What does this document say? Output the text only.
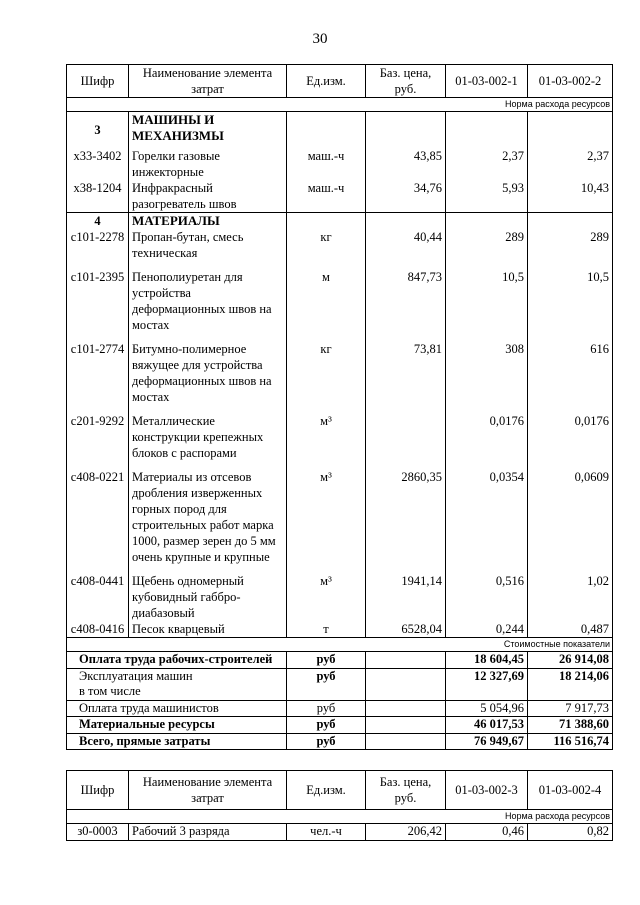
30
Шифр	Наименование элемента затрат	Ед.изм.	Баз. цена, руб.	01-03-002-1	01-03-002-2
Норма расхода ресурсов					
3	МАШИНЫ И МЕХАНИЗМЫ				
х33-3402	Горелки газовые инжекторные	маш.-ч	43,85	2,37	2,37
х38-1204	Инфракрасный разогреватель швов	маш.-ч	34,76	5,93	10,43
4	МАТЕРИАЛЫ				
с101-2278	Пропан-бутан, смесь техническая	кг	40,44	289	289
с101-2395	Пенополиуретан для устройства деформационных швов на мостах	м	847,73	10,5	10,5
с101-2774	Битумно-полимерное вяжущее для устройства деформационных швов на мостах	кг	73,81	308	616
с201-9292	Металлические конструкции крепежных блоков с распорами	м³		0,0176	0,0176
с408-0221	Материалы из отсевов дробления изверженных горных пород для строительных работ марка 1000, размер зерен до 5 мм очень крупные и крупные	м³	2860,35	0,0354	0,0609
с408-0441	Щебень одномерный кубовидный габбро-диабазовый	м³	1941,14	0,516	1,02
с408-0416	Песок кварцевый	т	6528,04	0,244	0,487
Стоимостные показатели					
Оплата труда рабочих-строителей		руб		18 604,45	26 914,08

Эксплуатация машин
в том числе		руб		12 327,69	18 214,06
Оплата труда машинистов		руб		5 054,96	7 917,73
Материальные ресурсы		руб		46 017,53	71 388,60
Всего, прямые затраты		руб		76 949,67	116 516,74
Шифр	Наименование элемента затрат	Ед.изм.	Баз. цена, руб.	01-03-002-3	01-03-002-4
Норма расхода ресурсов					
з0-0003	Рабочий 3 разряда	чел.-ч	206,42	0,46	0,82
